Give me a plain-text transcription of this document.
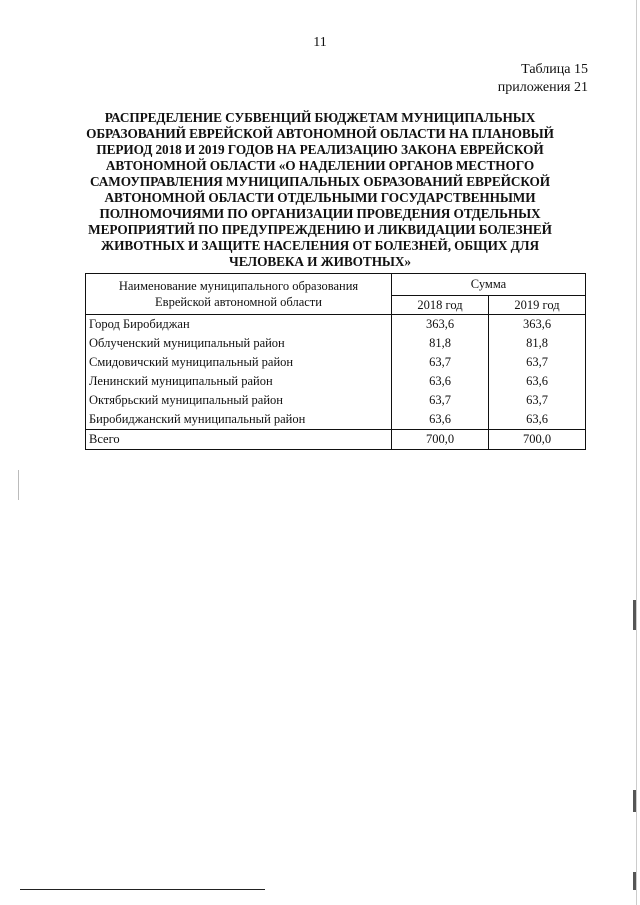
11
Таблица 15
приложения 21
РАСПРЕДЕЛЕНИЕ СУБВЕНЦИЙ БЮДЖЕТАМ МУНИЦИПАЛЬНЫХ
ОБРАЗОВАНИЙ ЕВРЕЙСКОЙ АВТОНОМНОЙ ОБЛАСТИ НА ПЛАНОВЫЙ
ПЕРИОД 2018 И 2019 ГОДОВ НА РЕАЛИЗАЦИЮ ЗАКОНА ЕВРЕЙСКОЙ
АВТОНОМНОЙ ОБЛАСТИ «О НАДЕЛЕНИИ ОРГАНОВ МЕСТНОГО
САМОУПРАВЛЕНИЯ МУНИЦИПАЛЬНЫХ ОБРАЗОВАНИЙ ЕВРЕЙСКОЙ
АВТОНОМНОЙ ОБЛАСТИ ОТДЕЛЬНЫМИ ГОСУДАРСТВЕННЫМИ
ПОЛНОМОЧИЯМИ ПО ОРГАНИЗАЦИИ ПРОВЕДЕНИЯ ОТДЕЛЬНЫХ
МЕРОПРИЯТИЙ ПО ПРЕДУПРЕЖДЕНИЮ И ЛИКВИДАЦИИ БОЛЕЗНЕЙ
ЖИВОТНЫХ И ЗАЩИТЕ НАСЕЛЕНИЯ ОТ БОЛЕЗНЕЙ, ОБЩИХ ДЛЯ
ЧЕЛОВЕКА И ЖИВОТНЫХ»
Наименование муниципального образования
Еврейской автономной области	Сумма	
	2018 год	2019 год
Город Биробиджан	363,6	363,6
Облученский муниципальный район	81,8	81,8
Смидовичский муниципальный район	63,7	63,7
Ленинский муниципальный район	63,6	63,6
Октябрьский муниципальный район	63,7	63,7
Биробиджанский муниципальный район	63,6	63,6
Всего	700,0	700,0
